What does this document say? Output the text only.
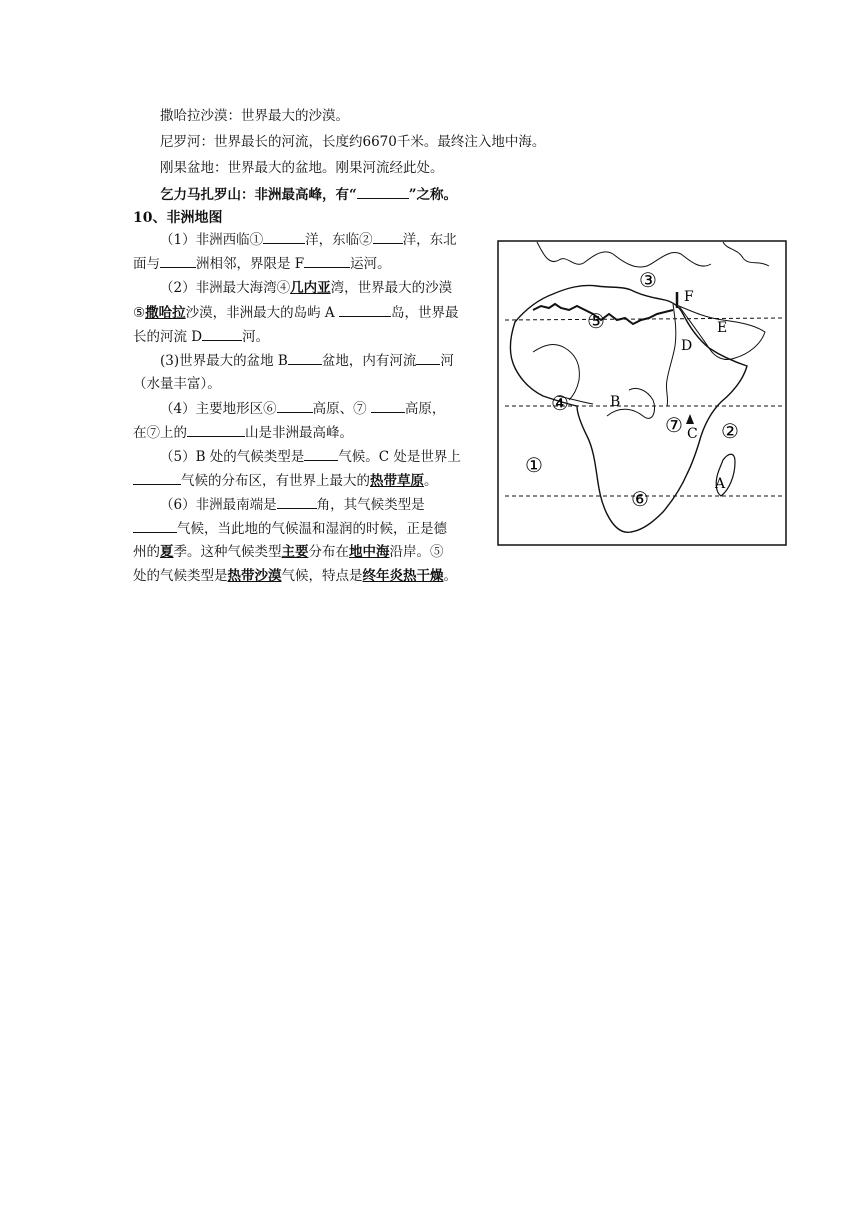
撒哈拉沙漠：世界最大的沙漠。
尼罗河：世界最长的河流，长度约6670千米。最终注入地中海。
刚果盆地：世界最大的盆地。刚果河流经此处。
乞力马扎罗山：非洲最高峰，有“	”之称。
10、非洲地图
（1）非洲西临①	洋，东临② 洋，东北
面与	洲相邻，界限是 F	运河。
（2）非洲最大海湾④几内亚湾，世界最大的沙漠
⑤撒哈拉沙漠，非洲最大的岛屿 A	岛，世界最
长的河流 D	河。
(3)世界最大的盆地 B	盆地，内有河流 河
（水量丰富）。
（4）主要地形区⑥	高原、⑦	高原，
在⑦上的	山是非洲最高峰。
（5）B 处的气候类型是	气候。C 处是世界上
气候的分布区，有世界上最大的热带草原。
（6）非洲最南端是	角，其气候类型是
气候，当此地的气候温和湿润的时候，正是德
州的夏季。这种气候类型主要分布在地中海沿岸。⑤
处的气候类型是热带沙漠气候，特点是终年炎热干燥。
③
⑤
④
⑦ ②
①
⑥
F
E
D
B
C
A
